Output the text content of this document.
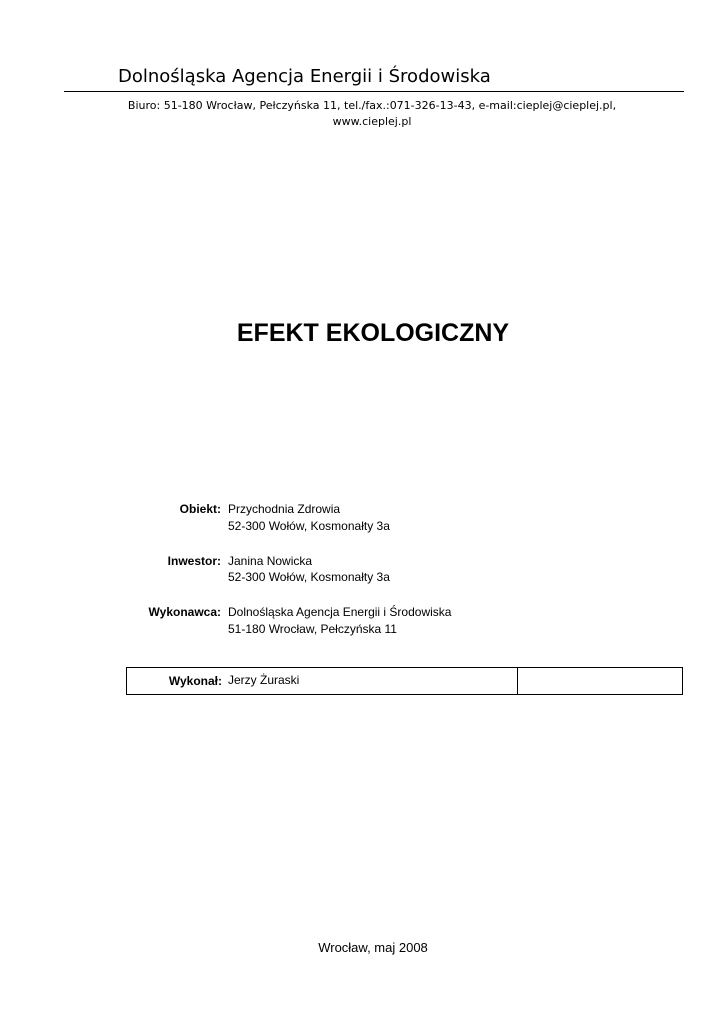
Dolnośląska Agencja Energii i Środowiska
Biuro: 51-180 Wrocław, Pełczyńska 11, tel./fax.:071-326-13-43, e-mail:cieplej@cieplej.pl,
www.cieplej.pl
EFEKT EKOLOGICZNY
Obiekt: Przychodnia Zdrowia
52-300 Wołów, Kosmonałty 3a
Inwestor: Janina Nowicka
52-300 Wołów, Kosmonałty 3a
Wykonawca: Dolnośląska Agencja Energii i Środowiska
51-180 Wrocław, Pełczyńska 11
Wykonał: Jerzy Żuraski
Wrocław, maj 2008
